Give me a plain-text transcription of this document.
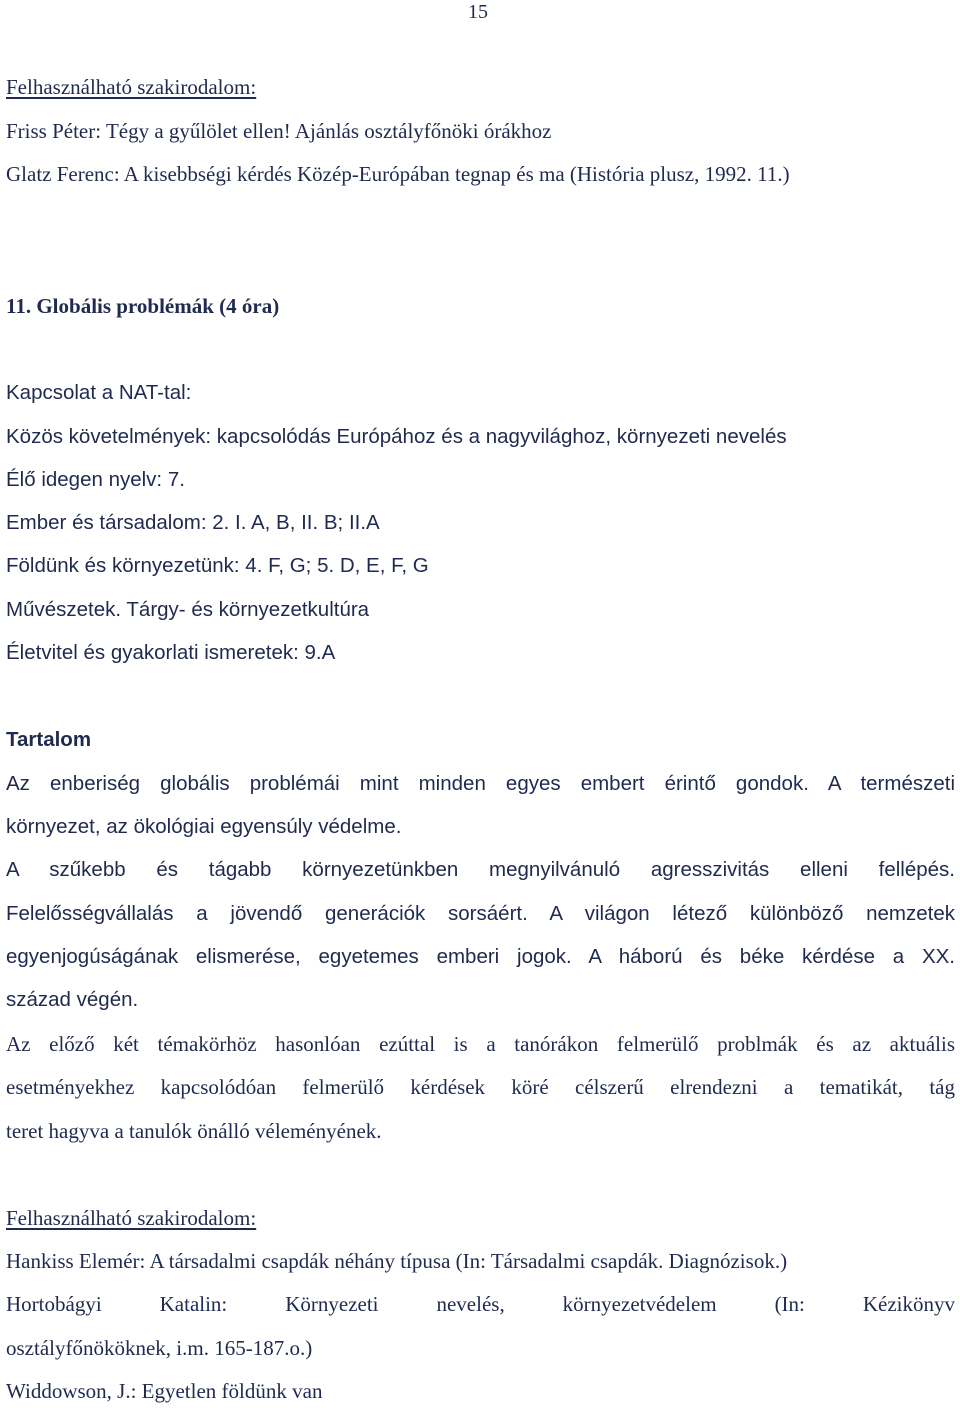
15
Felhasználható szakirodalom:
Friss Péter: Tégy a gyűlölet ellen! Ajánlás osztályfőnöki órákhoz
Glatz Ferenc: A kisebbségi kérdés Közép-Európában tegnap és ma (História plusz, 1992. 11.)
11. Globális problémák (4 óra)
Kapcsolat a NAT-tal:
Közös követelmények: kapcsolódás Európához és a nagyvilághoz, környezeti nevelés
Élő idegen nyelv: 7.
Ember és társadalom: 2. I. A, B, II. B; II.A
Földünk és környezetünk: 4. F, G; 5. D, E, F, G
Művészetek. Tárgy- és környezetkultúra
Életvitel és gyakorlati ismeretek: 9.A
Tartalom
Az enberiség globális problémái mint minden egyes embert érintő gondok. A természeti
környezet, az ökológiai egyensúly védelme.
A szűkebb és tágabb környezetünkben megnyilvánuló agresszivitás elleni fellépés.
Felelősségvállalás a jövendő generációk sorsáért. A világon létező különböző nemzetek
egyenjogúságának elismerése, egyetemes emberi jogok. A háború és béke kérdése a XX.
század végén.
Az előző két témakörhöz hasonlóan ezúttal is a tanórákon felmerülő problmák és az aktuális
esetményekhez kapcsolódóan felmerülő kérdések köré célszerű elrendezni a tematikát, tág
teret hagyva a tanulók önálló véleményének.
Felhasználható szakirodalom:
Hankiss Elemér: A társadalmi csapdák néhány típusa (In: Társadalmi csapdák. Diagnózisok.)
Hortobágyi Katalin: Környezeti nevelés, környezetvédelem (In: Kézikönyv
osztályfőnököknek, i.m. 165-187.o.)
Widdowson, J.: Egyetlen földünk van
